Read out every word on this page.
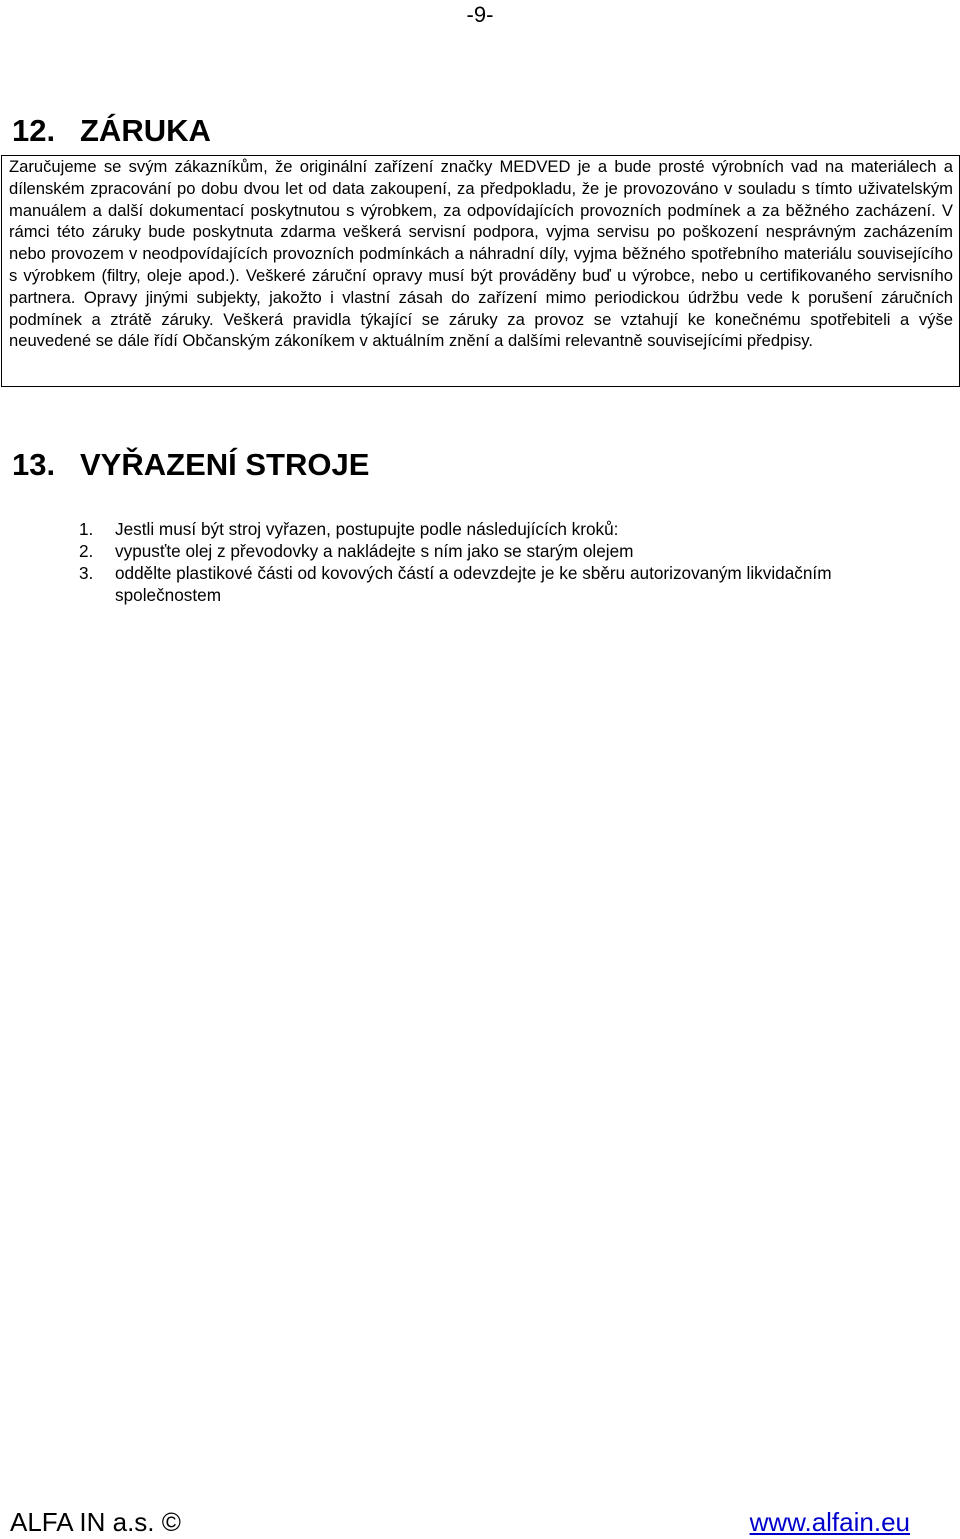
-9-
12. ZÁRUKA

Zaručujeme se svým zákazníkům, že originální zařízení značky MEDVED je a bude prosté výrobních vad na materiálech a dílenském zpracování po dobu dvou let od data zakoupení, za předpokladu, že je provozováno v souladu s tímto uživatelským manuálem a další dokumentací poskytnutou s výrobkem, za odpovídajících provozních podmínek a za běžného zacházení. V rámci této záruky bude poskytnuta zdarma veškerá servisní podpora, vyjma servisu po poškození nesprávným zacházením nebo provozem v neodpovídajících provozních podmínkách a náhradní díly, vyjma běžného spotřebního materiálu souvisejícího s výrobkem (filtry, oleje apod.). Veškeré záruční opravy musí být prováděny buď u výrobce, nebo u certifikovaného servisního partnera. Opravy jinými subjekty, jakožto i vlastní zásah do zařízení mimo periodickou údržbu vede k porušení záručních podmínek a ztrátě záruky. Veškerá pravidla týkající se záruky za provoz se vztahují ke konečnému spotřebiteli a výše neuvedené se dále řídí Občanským zákoníkem v aktuálním znění a dalšími relevantně souvisejícími předpisy.

13. VYŘAZENÍ STROJE
1. Jestli musí být stroj vyřazen, postupujte podle následujících kroků:
2. vypusťte olej z převodovky a nakládejte s ním jako se starým olejem
3. oddělte plastikové části od kovových částí a odevzdejte je ke sběru autorizovaným likvidačním společnostem
ALFA IN a.s. ©	www.alfain.eu
